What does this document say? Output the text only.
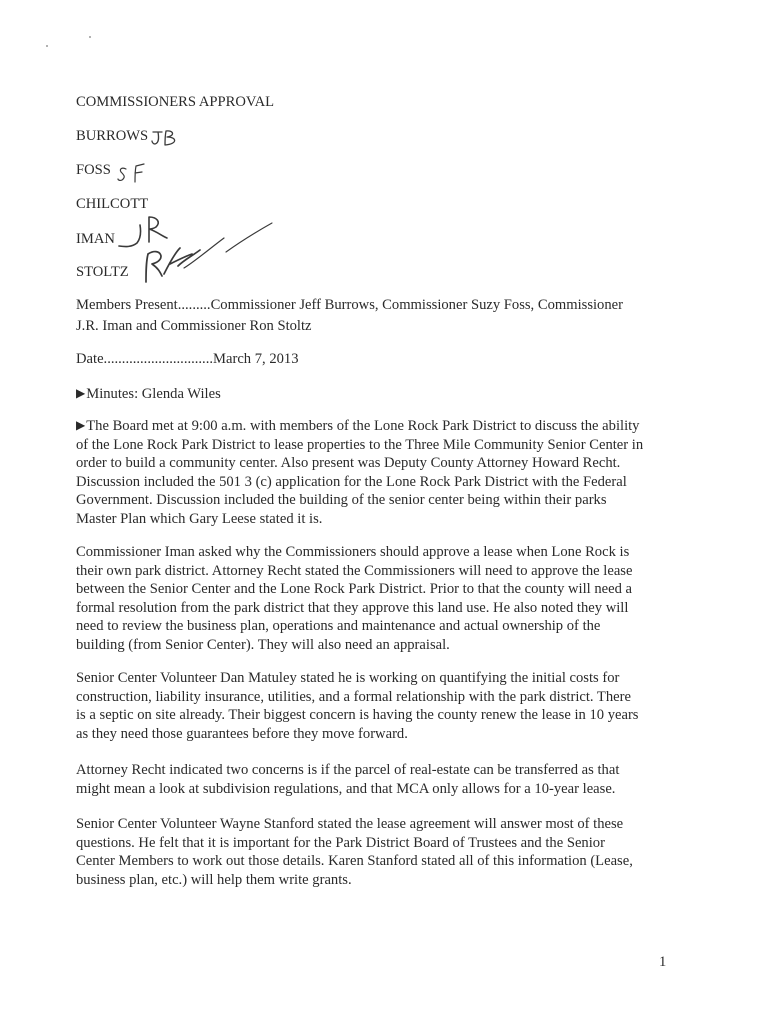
COMMISSIONERS APPROVAL
BURROWS
FOSS
CHILCOTT
IMAN
STOLTZ
Members Present.........Commissioner Jeff Burrows, Commissioner Suzy Foss, Commissioner
J.R. Iman and Commissioner Ron Stoltz
Date..............................March 7, 2013
▶Minutes: Glenda Wiles
▶The Board met at 9:00 a.m. with members of the Lone Rock Park District to discuss the ability
of the Lone Rock Park District to lease properties to the Three Mile Community Senior Center in
order to build a community center. Also present was Deputy County Attorney Howard Recht.
Discussion included the 501 3 (c) application for the Lone Rock Park District with the Federal
Government. Discussion included the building of the senior center being within their parks
Master Plan which Gary Leese stated it is.
Commissioner Iman asked why the Commissioners should approve a lease when Lone Rock is
their own park district. Attorney Recht stated the Commissioners will need to approve the lease
between the Senior Center and the Lone Rock Park District. Prior to that the county will need a
formal resolution from the park district that they approve this land use. He also noted they will
need to review the business plan, operations and maintenance and actual ownership of the
building (from Senior Center). They will also need an appraisal.
Senior Center Volunteer Dan Matuley stated he is working on quantifying the initial costs for
construction, liability insurance, utilities, and a formal relationship with the park district. There
is a septic on site already. Their biggest concern is having the county renew the lease in 10 years
as they need those guarantees before they move forward.
Attorney Recht indicated two concerns is if the parcel of real-estate can be transferred as that
might mean a look at subdivision regulations, and that MCA only allows for a 10-year lease.
Senior Center Volunteer Wayne Stanford stated the lease agreement will answer most of these
questions. He felt that it is important for the Park District Board of Trustees and the Senior
Center Members to work out those details. Karen Stanford stated all of this information (Lease,
business plan, etc.) will help them write grants.
1
